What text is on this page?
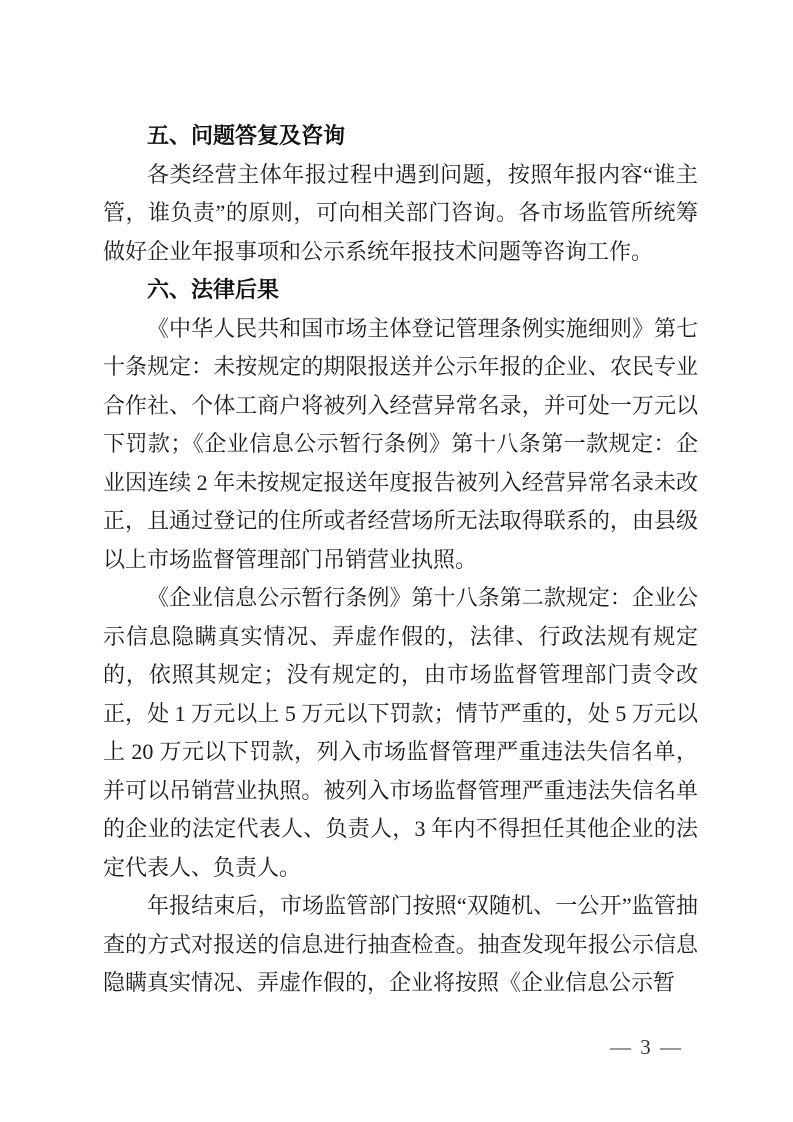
五、问题答复及咨询

各类经营主体年报过程中遇到问题，按照年报内容“谁主管，谁负责”的原则，可向相关部门咨询。各市场监管所统筹做好企业年报事项和公示系统年报技术问题等咨询工作。

六、法律后果

《中华人民共和国市场主体登记管理条例实施细则》第七十条规定：未按规定的期限报送并公示年报的企业、农民专业合作社、个体工商户将被列入经营异常名录，并可处一万元以下罚款；《企业信息公示暂行条例》第十八条第一款规定：企业因连续 2 年未按规定报送年度报告被列入经营异常名录未改正，且通过登记的住所或者经营场所无法取得联系的，由县级以上市场监督管理部门吊销营业执照。

《企业信息公示暂行条例》第十八条第二款规定：企业公示信息隐瞒真实情况、弄虚作假的，法律、行政法规有规定的，依照其规定；没有规定的，由市场监督管理部门责令改正，处 1 万元以上 5 万元以下罚款；情节严重的，处 5 万元以上 20 万元以下罚款，列入市场监督管理严重违法失信名单，并可以吊销营业执照。被列入市场监督管理严重违法失信名单的企业的法定代表人、负责人，3 年内不得担任其他企业的法定代表人、负责人。

年报结束后，市场监管部门按照“双随机、一公开”监管抽查的方式对报送的信息进行抽查检查。抽查发现年报公示信息隐瞒真实情况、弄虚作假的，企业将按照《企业信息公示暂

— 3 —
